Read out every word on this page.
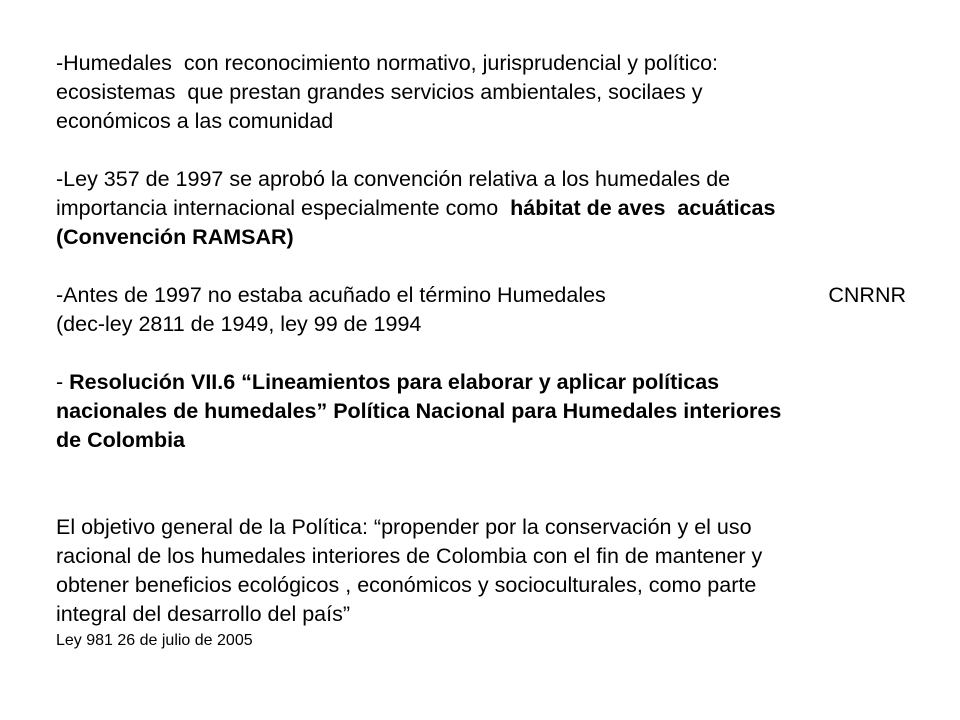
-Humedales  con reconocimiento normativo, jurisprudencial y político:
ecosistemas  que prestan grandes servicios ambientales, socilaes y
económicos a las comunidad
-Ley 357 de 1997 se aprobó la convención relativa a los humedales de
importancia internacional especialmente como  hábitat de aves  acuáticas
(Convención RAMSAR)
-Antes de 1997 no estaba acuñado el término Humedales	CNRNR
(dec-ley 2811 de 1949, ley 99 de 1994
- Resolución VII.6 “Lineamientos para elaborar y aplicar políticas
nacionales de humedales” Política Nacional para Humedales interiores
de Colombia
El objetivo general de la Política: “propender por la conservación y el uso
racional de los humedales interiores de Colombia con el fin de mantener y
obtener beneficios ecológicos , económicos y socioculturales, como parte
integral del desarrollo del país”
Ley 981 26 de julio de 2005
